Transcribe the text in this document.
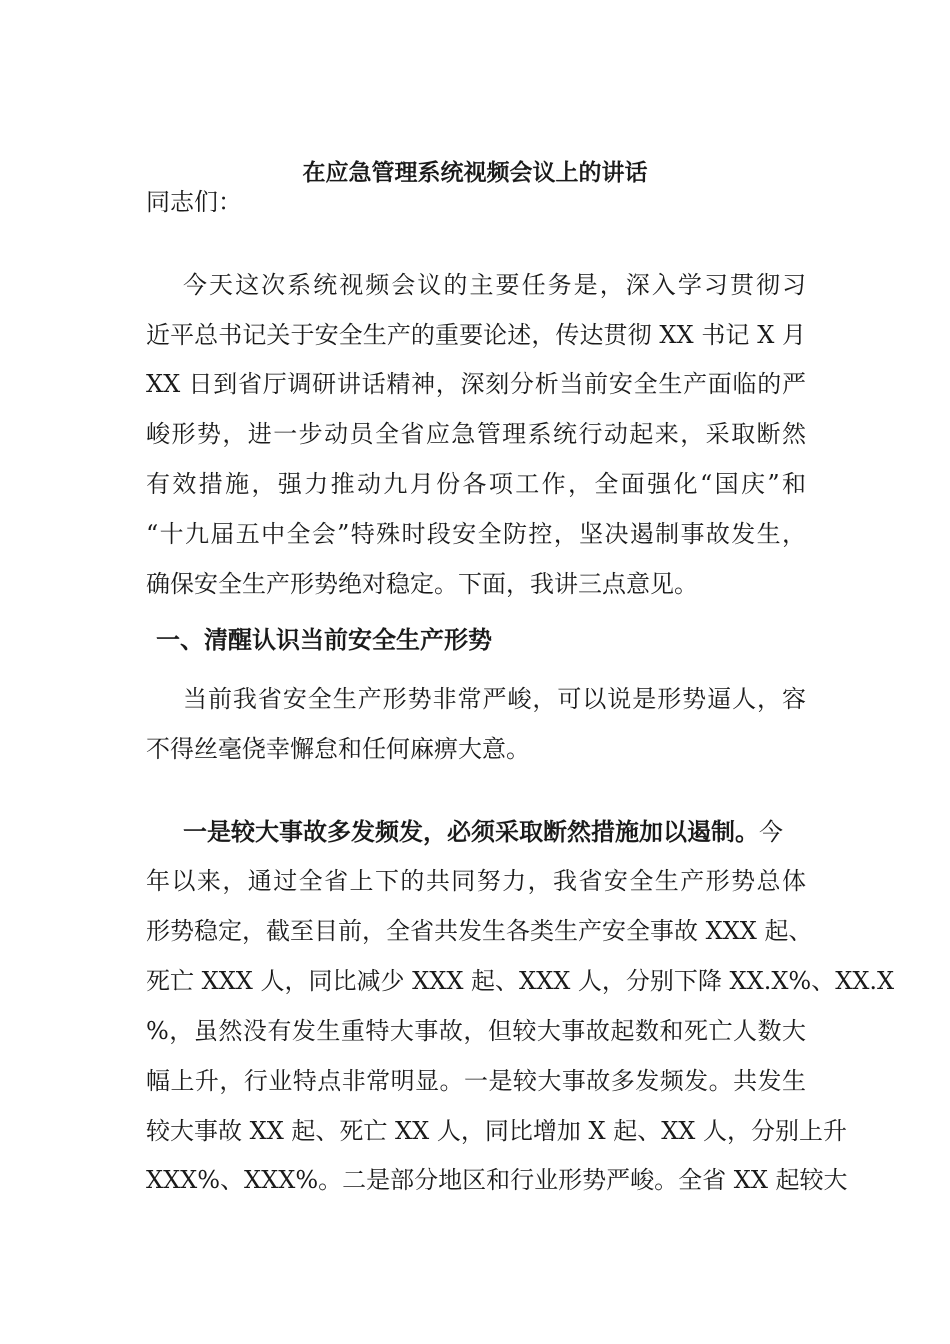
在应急管理系统视频会议上的讲话
同志们：
今天这次系统视频会议的主要任务是，深入学习贯彻习
近平总书记关于安全生产的重要论述，传达贯彻 XX 书记 X 月
XX 日到省厅调研讲话精神，深刻分析当前安全生产面临的严
峻形势，进一步动员全省应急管理系统行动起来，采取断然
有效措施，强力推动九月份各项工作，全面强化“国庆”和
“十九届五中全会”特殊时段安全防控，坚决遏制事故发生，
确保安全生产形势绝对稳定。下面，我讲三点意见。
一、清醒认识当前安全生产形势
当前我省安全生产形势非常严峻，可以说是形势逼人，容
不得丝毫侥幸懈怠和任何麻痹大意。
一是较大事故多发频发，必须采取断然措施加以遏制。今
年以来，通过全省上下的共同努力，我省安全生产形势总体
形势稳定，截至目前，全省共发生各类生产安全事故 XXX 起、
死亡 XXX 人，同比减少 XXX 起、XXX 人，分别下降 XX.X%、XX.X
%，虽然没有发生重特大事故，但较大事故起数和死亡人数大
幅上升，行业特点非常明显。一是较大事故多发频发。共发生
较大事故 XX 起、死亡 XX 人，同比增加 X 起、XX 人，分别上升
XXX%、XXX%。二是部分地区和行业形势严峻。全省 XX 起较大
